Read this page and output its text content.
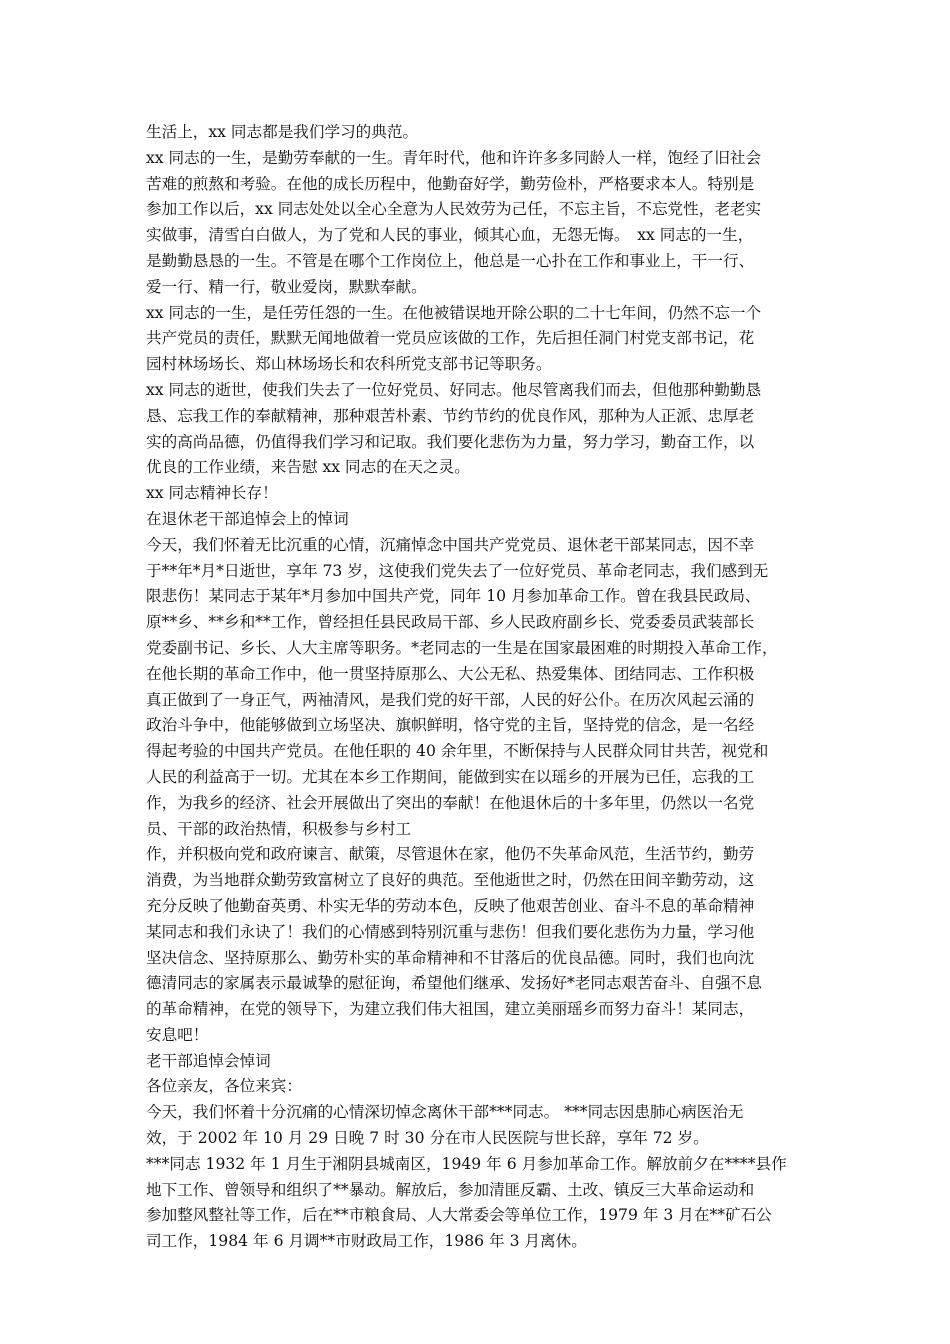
生活上，xx 同志都是我们学习的典范。
xx 同志的一生，是勤劳奉献的一生。青年时代，他和许许多多同龄人一样，饱经了旧社会
苦难的煎熬和考验。在他的成长历程中，他勤奋好学，勤劳俭朴，严格要求本人。特别是
参加工作以后，xx 同志处处以全心全意为人民效劳为己任，不忘主旨，不忘党性，老老实
实做事，清雪白白做人，为了党和人民的事业，倾其心血，无怨无悔。　xx 同志的一生，
是勤勤恳恳的一生。不管是在哪个工作岗位上，他总是一心扑在工作和事业上，干一行、
爱一行、精一行，敬业爱岗，默默奉献。
xx 同志的一生，是任劳任怨的一生。在他被错误地开除公职的二十七年间，仍然不忘一个
共产党员的责任，默默无闻地做着一党员应该做的工作，先后担任洞门村党支部书记，花
园村林场场长、郑山林场场长和农科所党支部书记等职务。
xx 同志的逝世，使我们失去了一位好党员、好同志。他尽管离我们而去，但他那种勤勤恳
恳、忘我工作的奉献精神，那种艰苦朴素、节约节约的优良作风，那种为人正派、忠厚老
实的高尚品德，仍值得我们学习和记取。我们要化悲伤为力量，努力学习，勤奋工作，以
优良的工作业绩，来告慰 xx 同志的在天之灵。
xx 同志精神长存！
在退休老干部追悼会上的悼词
今天，我们怀着无比沉重的心情，沉痛悼念中国共产党党员、退休老干部某同志，因不幸
于**年*月*日逝世，享年 73 岁，这使我们党失去了一位好党员、革命老同志，我们感到无
限悲伤！某同志于某年*月参加中国共产党，同年 10 月参加革命工作。曾在我县民政局、
原**乡、**乡和**工作，曾经担任县民政局干部、乡人民政府副乡长、党委委员武装部长
党委副书记、乡长、人大主席等职务。*老同志的一生是在国家最困难的时期投入革命工作，
在他长期的革命工作中，他一贯坚持原那么、大公无私、热爱集体、团结同志、工作积极
真正做到了一身正气，两袖清风，是我们党的好干部，人民的好公仆。在历次风起云涌的
政治斗争中，他能够做到立场坚决、旗帜鲜明，恪守党的主旨，坚持党的信念，是一名经
得起考验的中国共产党员。在他任职的 40 余年里，不断保持与人民群众同甘共苦，视党和
人民的利益高于一切。尤其在本乡工作期间，能做到实在以瑶乡的开展为已任，忘我的工
作，为我乡的经济、社会开展做出了突出的奉献！在他退休后的十多年里，仍然以一名党
员、干部的政治热情，积极参与乡村工
作，并积极向党和政府谏言、献策，尽管退休在家，他仍不失革命风范，生活节约，勤劳
消费，为当地群众勤劳致富树立了良好的典范。至他逝世之时，仍然在田间辛勤劳动，这
充分反映了他勤奋英勇、朴实无华的劳动本色，反映了他艰苦创业、奋斗不息的革命精神
某同志和我们永诀了！我们的心情感到特别沉重与悲伤！但我们要化悲伤为力量，学习他
坚决信念、坚持原那么、勤劳朴实的革命精神和不甘落后的优良品德。同时，我们也向沈
德清同志的家属表示最诚挚的慰征询，希望他们继承、发扬好*老同志艰苦奋斗、自强不息
的革命精神，在党的领导下，为建立我们伟大祖国，建立美丽瑶乡而努力奋斗！某同志，
安息吧！
老干部追悼会悼词
各位亲友，各位来宾：
今天，我们怀着十分沉痛的心情深切悼念离休干部***同志。 ***同志因患肺心病医治无
效，于 2002 年 10 月 29 日晚 7 时 30 分在市人民医院与世长辞，享年 72 岁。
***同志 1932 年 1 月生于湘阴县城南区，1949 年 6 月参加革命工作。解放前夕在****县作
地下工作、曾领导和组织了**暴动。解放后，参加清匪反霸、土改、镇反三大革命运动和
参加整风整社等工作，后在**市粮食局、人大常委会等单位工作，1979 年 3 月在**矿石公
司工作，1984 年 6 月调**市财政局工作，1986 年 3 月离休。
